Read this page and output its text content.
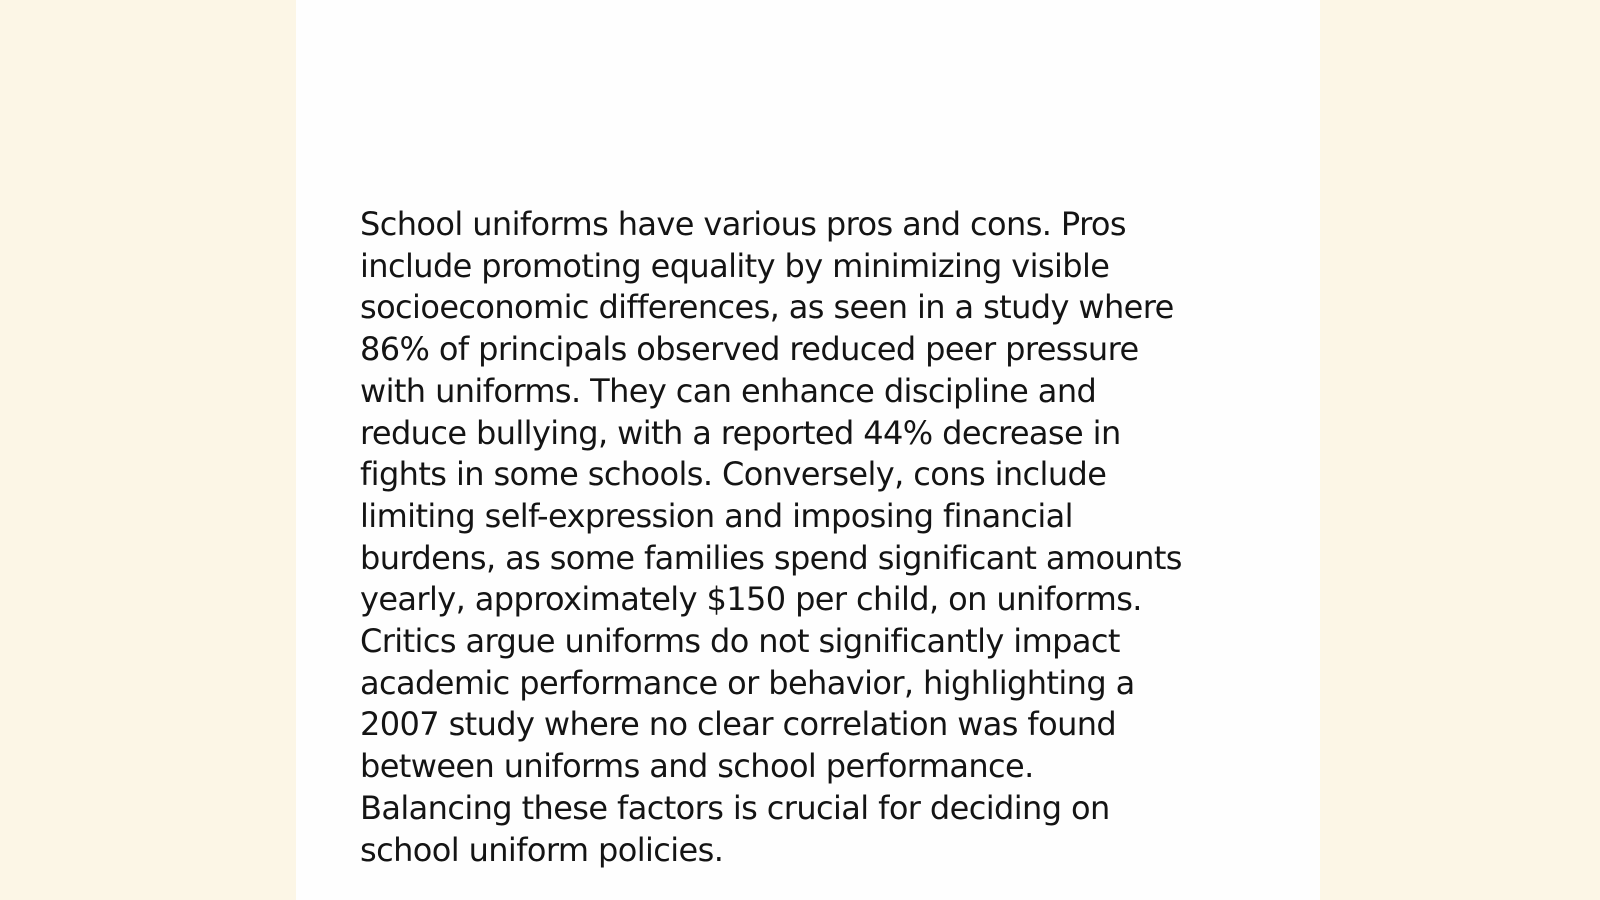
School uniforms have various pros and cons. Pros
include promoting equality by minimizing visible
socioeconomic differences, as seen in a study where
86% of principals observed reduced peer pressure
with uniforms. They can enhance discipline and
reduce bullying, with a reported 44% decrease in
fights in some schools. Conversely, cons include
limiting self-expression and imposing financial
burdens, as some families spend significant amounts
yearly, approximately $150 per child, on uniforms.
Critics argue uniforms do not significantly impact
academic performance or behavior, highlighting a
2007 study where no clear correlation was found
between uniforms and school performance.
Balancing these factors is crucial for deciding on
school uniform policies.
